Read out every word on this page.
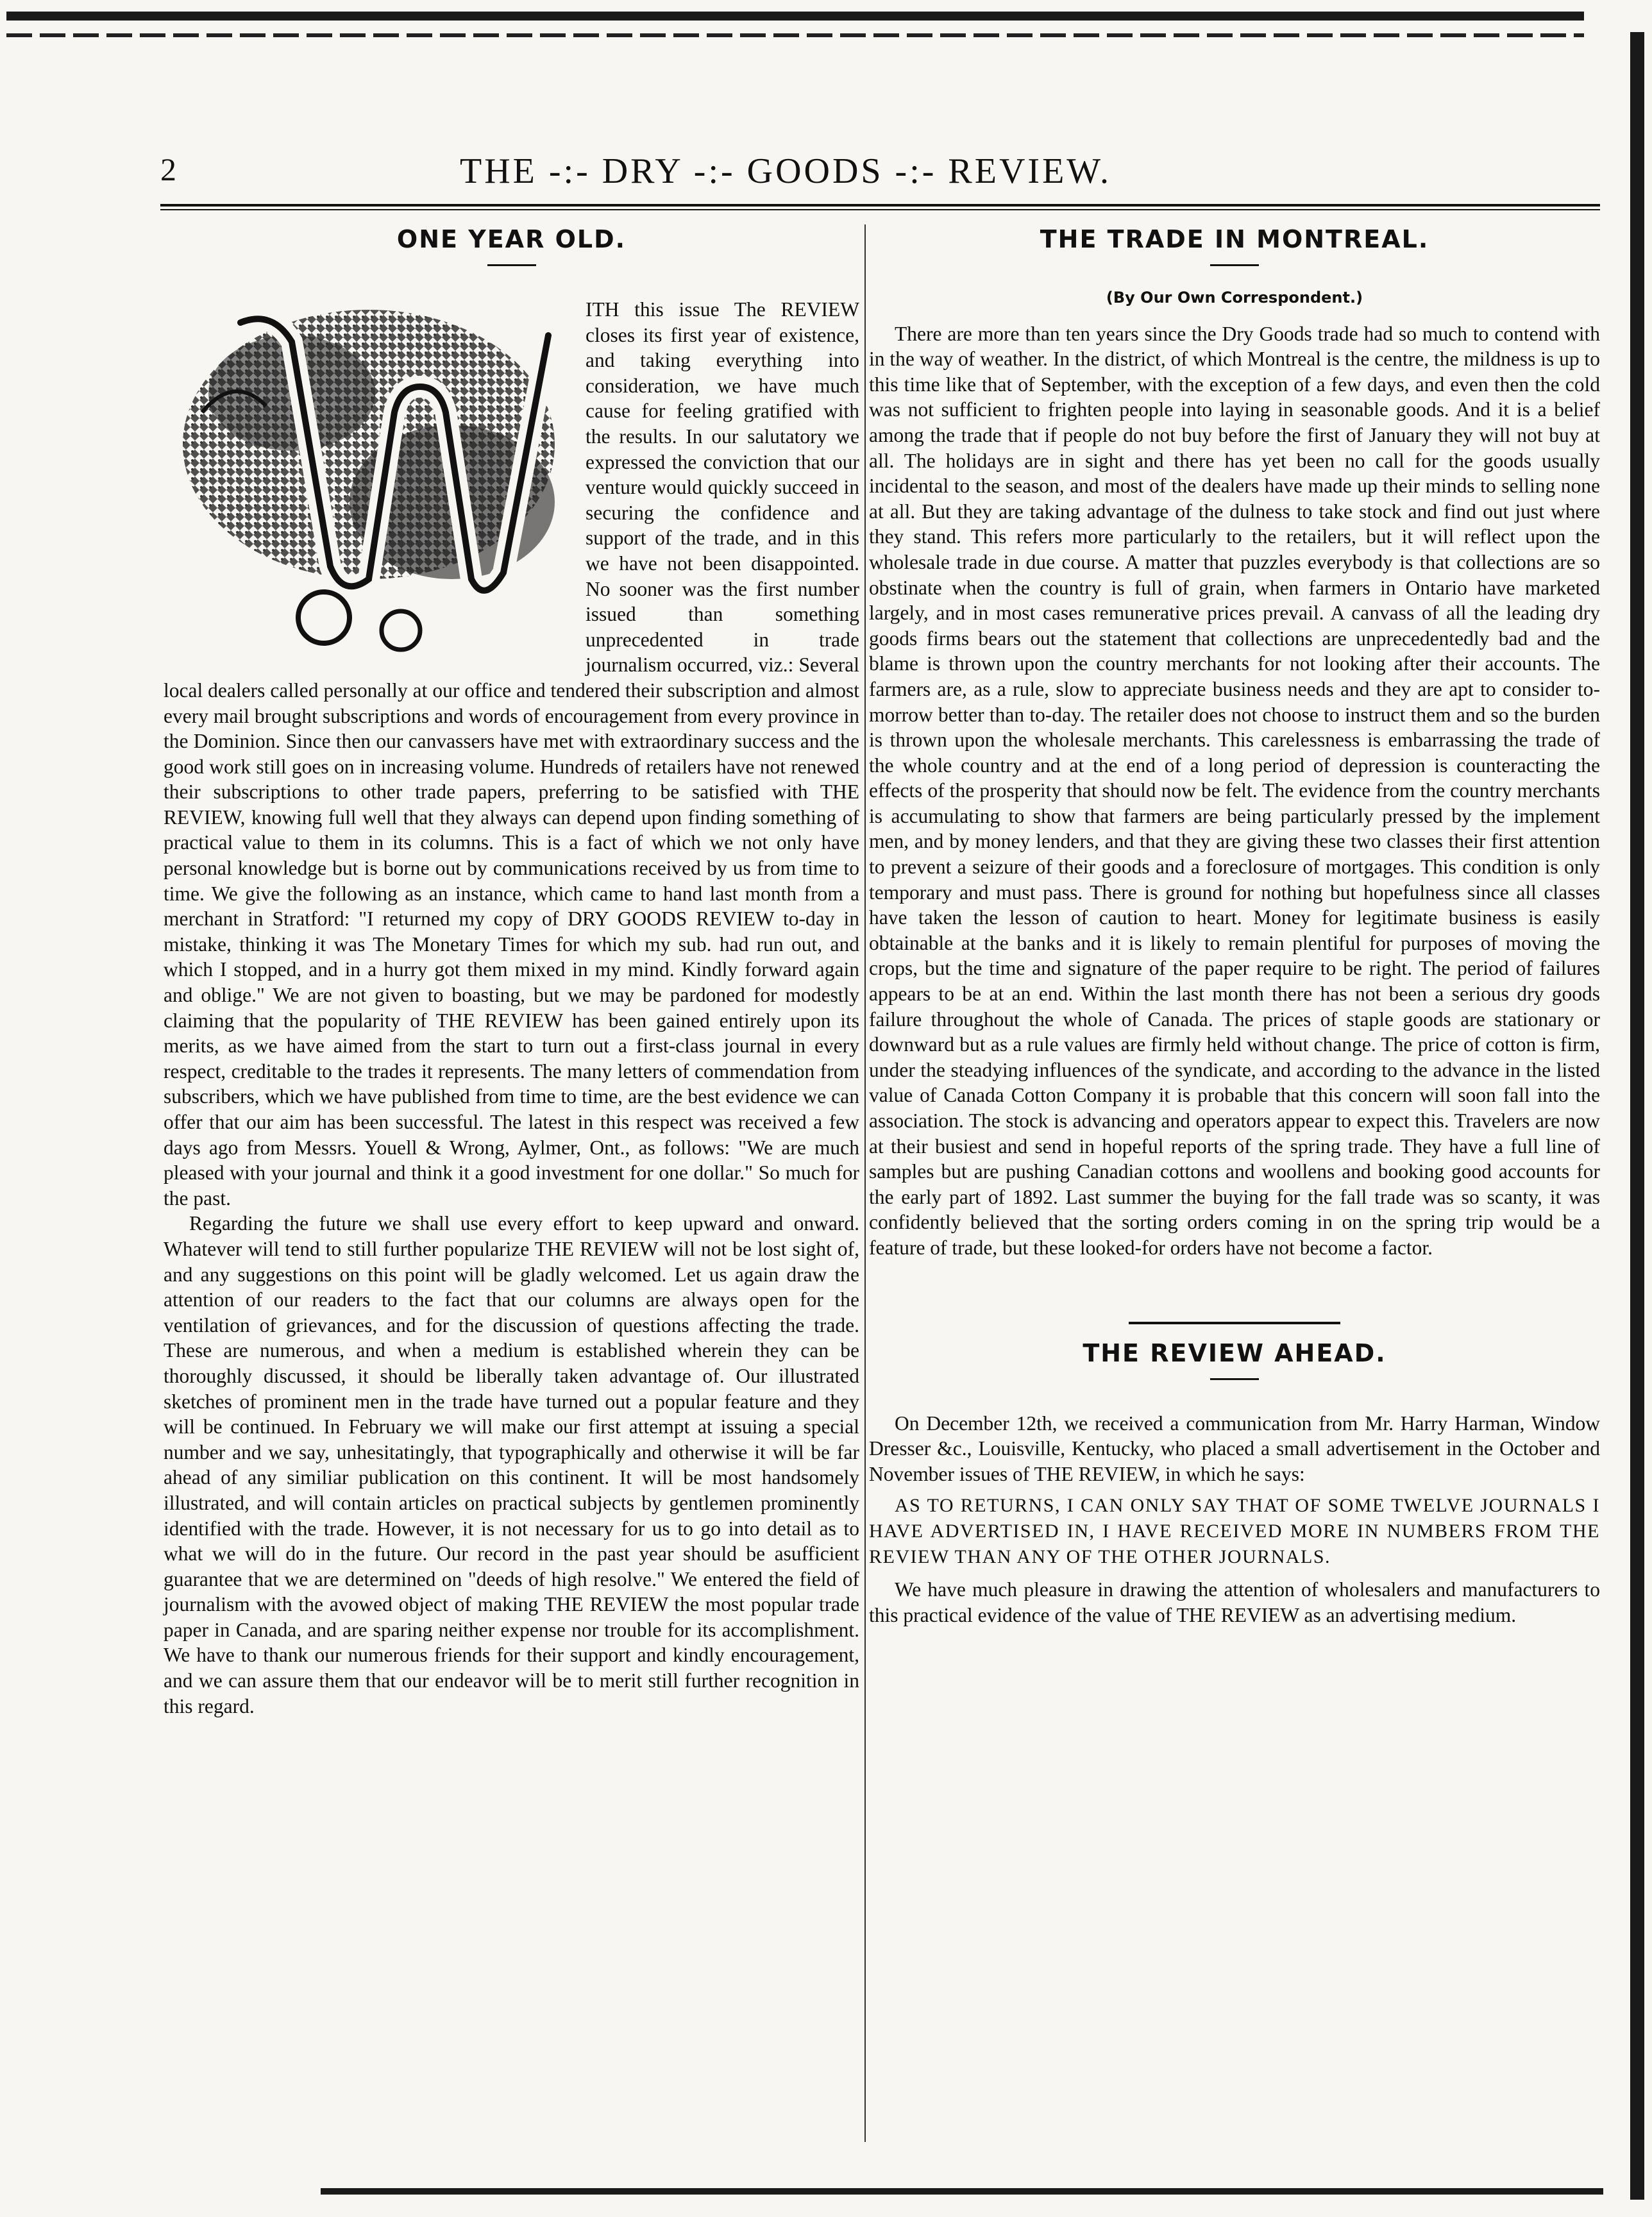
2	THE -:- DRY -:- GOODS -:- REVIEW.
ONE YEAR OLD.

ITH this issue The REVIEW closes its first year of existence, and taking everything into consideration, we have much cause for feeling gratified with the results. In our salutatory we expressed the conviction that our venture would quickly succeed in securing the confidence and support of the trade, and in this we have not been disappointed. No sooner was the first number issued than something unprecedented in trade journalism occurred, viz.: Several local dealers called personally at our office and tendered their subscription and almost every mail brought subscriptions and words of encouragement from every province in the Dominion. Since then our canvassers have met with extraordinary success and the good work still goes on in increasing volume. Hundreds of retailers have not renewed their subscriptions to other trade papers, preferring to be satisfied with THE REVIEW, knowing full well that they always can depend upon finding something of practical value to them in its columns. This is a fact of which we not only have personal knowledge but is borne out by communications received by us from time to time. We give the following as an instance, which came to hand last month from a merchant in Stratford: "I returned my copy of DRY GOODS REVIEW to-day in mistake, thinking it was The Monetary Times for which my sub. had run out, and which I stopped, and in a hurry got them mixed in my mind. Kindly forward again and oblige." We are not given to boasting, but we may be pardoned for modestly claiming that the popularity of THE REVIEW has been gained entirely upon its merits, as we have aimed from the start to turn out a first-class journal in every respect, creditable to the trades it represents. The many letters of commendation from subscribers, which we have published from time to time, are the best evidence we can offer that our aim has been successful. The latest in this respect was received a few days ago from Messrs. Youell & Wrong, Aylmer, Ont., as follows: "We are much pleased with your journal and think it a good investment for one dollar." So much for the past.

Regarding the future we shall use every effort to keep upward and onward. Whatever will tend to still further popularize THE REVIEW will not be lost sight of, and any suggestions on this point will be gladly welcomed. Let us again draw the attention of our readers to the fact that our columns are always open for the ventilation of grievances, and for the discussion of questions affecting the trade. These are numerous, and when a medium is established wherein they can be thoroughly discussed, it should be liberally taken advantage of. Our illustrated sketches of prominent men in the trade have turned out a popular feature and they will be continued. In February we will make our first attempt at issuing a special number and we say, unhesitatingly, that typographically and otherwise it will be far ahead of any similiar publication on this continent. It will be most handsomely illustrated, and will contain articles on practical subjects by gentlemen prominently identified with the trade. However, it is not necessary for us to go into detail as to what we will do in the future. Our record in the past year should be asufficient guarantee that we are determined on "deeds of high resolve." We entered the field of journalism with the avowed object of making THE REVIEW the most popular trade paper in Canada, and are sparing neither expense nor trouble for its accomplishment. We have to thank our numerous friends for their support and kindly encouragement, and we can assure them that our endeavor will be to merit still further recognition in this regard.

THE TRADE IN MONTREAL.
(By Our Own Correspondent.)

There are more than ten years since the Dry Goods trade had so much to contend with in the way of weather. In the district, of which Montreal is the centre, the mildness is up to this time like that of September, with the exception of a few days, and even then the cold was not sufficient to frighten people into laying in seasonable goods. And it is a belief among the trade that if people do not buy before the first of January they will not buy at all. The holidays are in sight and there has yet been no call for the goods usually incidental to the season, and most of the dealers have made up their minds to selling none at all. But they are taking advantage of the dulness to take stock and find out just where they stand. This refers more particularly to the retailers, but it will reflect upon the wholesale trade in due course. A matter that puzzles everybody is that collections are so obstinate when the country is full of grain, when farmers in Ontario have marketed largely, and in most cases remunerative prices prevail. A canvass of all the leading dry goods firms bears out the statement that collections are unprecedentedly bad and the blame is thrown upon the country merchants for not looking after their accounts. The farmers are, as a rule, slow to appreciate business needs and they are apt to consider to-morrow better than to-day. The retailer does not choose to instruct them and so the burden is thrown upon the wholesale merchants. This carelessness is embarrassing the trade of the whole country and at the end of a long period of depression is counteracting the effects of the prosperity that should now be felt. The evidence from the country merchants is accumulating to show that farmers are being particularly pressed by the implement men, and by money lenders, and that they are giving these two classes their first attention to prevent a seizure of their goods and a foreclosure of mortgages. This condition is only temporary and must pass. There is ground for nothing but hopefulness since all classes have taken the lesson of caution to heart. Money for legitimate business is easily obtainable at the banks and it is likely to remain plentiful for purposes of moving the crops, but the time and signature of the paper require to be right. The period of failures appears to be at an end. Within the last month there has not been a serious dry goods failure throughout the whole of Canada. The prices of staple goods are stationary or downward but as a rule values are firmly held without change. The price of cotton is firm, under the steadying influences of the syndicate, and according to the advance in the listed value of Canada Cotton Company it is probable that this concern will soon fall into the association. The stock is advancing and operators appear to expect this. Travelers are now at their busiest and send in hopeful reports of the spring trade. They have a full line of samples but are pushing Canadian cottons and woollens and booking good accounts for the early part of 1892. Last summer the buying for the fall trade was so scanty, it was confidently believed that the sorting orders coming in on the spring trip would be a feature of trade, but these looked-for orders have not become a factor.

THE REVIEW AHEAD.

On December 12th, we received a communication from Mr. Harry Harman, Window Dresser &c., Louisville, Kentucky, who placed a small advertisement in the October and November issues of THE REVIEW, in which he says:

AS TO RETURNS, I CAN ONLY SAY THAT OF SOME TWELVE JOURNALS I HAVE ADVERTISED IN, I HAVE RECEIVED MORE IN NUMBERS FROM THE REVIEW THAN ANY OF THE OTHER JOURNALS.

We have much pleasure in drawing the attention of wholesalers and manufacturers to this practical evidence of the value of THE REVIEW as an advertising medium.
